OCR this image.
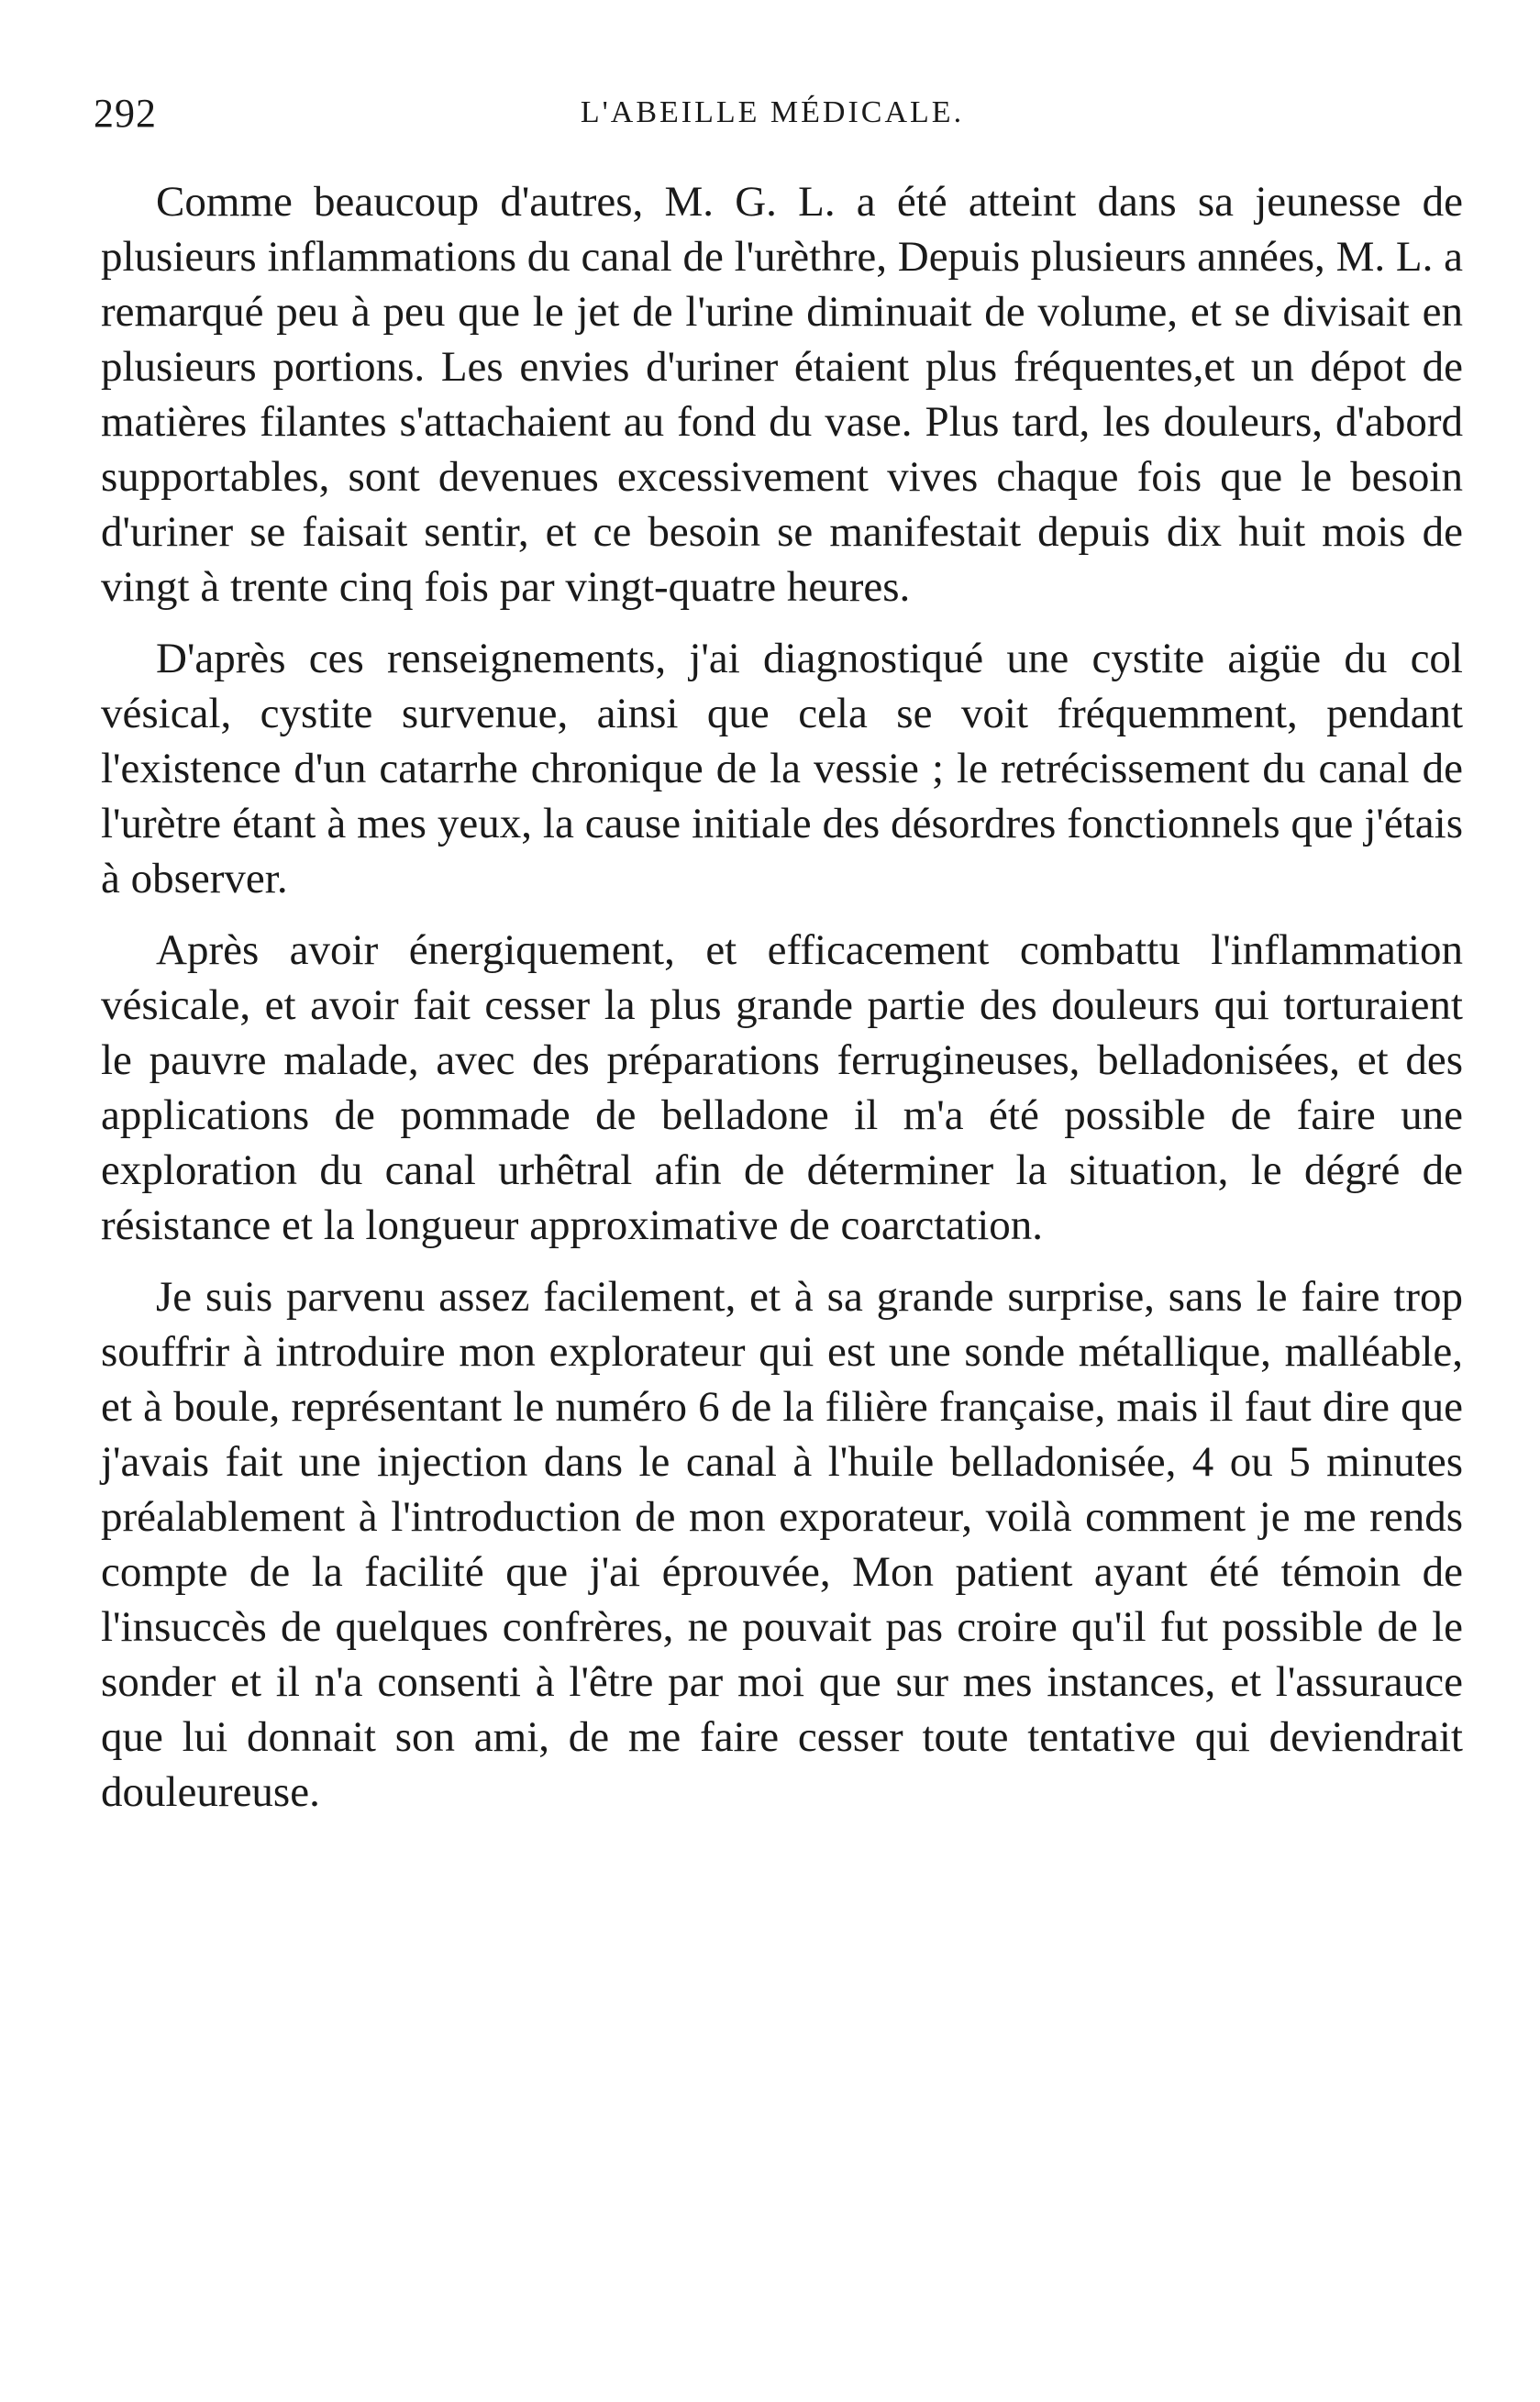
292	L'ABEILLE MÉDICALE.

Comme beaucoup d'autres, M. G. L. a été atteint dans sa jeunesse de plusieurs inflammations du canal de l'urèthre, Depuis plusieurs années, M. L. a remarqué peu à peu que le jet de l'urine diminuait de volume, et se divisait en plusieurs portions. Les envies d'uriner étaient plus fréquentes,et un dépot de matières filantes s'attachaient au fond du vase. Plus tard, les douleurs, d'abord supportables, sont devenues excessivement vives chaque fois que le besoin d'uriner se faisait sentir, et ce besoin se manifestait depuis dix huit mois de vingt à trente cinq fois par vingt-quatre heures.

D'après ces renseignements, j'ai diagnostiqué une cystite aigüe du col vésical, cystite survenue, ainsi que cela se voit fréquemment, pendant l'existence d'un catarrhe chronique de la vessie ; le retrécissement du canal de l'urètre étant à mes yeux, la cause initiale des désordres fonctionnels que j'étais à observer.

Après avoir énergiquement, et efficacement combattu l'inflammation vésicale, et avoir fait cesser la plus grande partie des douleurs qui torturaient le pauvre malade, avec des préparations ferrugineuses, belladonisées, et des applications de pommade de belladone il m'a été possible de faire une exploration du canal urhêtral afin de déterminer la situation, le dégré de résistance et la longueur approximative de coarctation.

Je suis parvenu assez facilement, et à sa grande surprise, sans le faire trop souffrir à introduire mon explorateur qui est une sonde métallique, malléable, et à boule, représentant le numéro 6 de la filière française, mais il faut dire que j'avais fait une injection dans le canal à l'huile belladonisée, 4 ou 5 minutes préalablement à l'introduction de mon exporateur, voilà comment je me rends compte de la facilité que j'ai éprouvée, Mon patient ayant été témoin de l'insuccès de quelques confrères, ne pouvait pas croire qu'il fut possible de le sonder et il n'a consenti à l'être par moi que sur mes instances, et l'assurauce que lui donnait son ami, de me faire cesser toute tentative qui deviendrait douleureuse.
